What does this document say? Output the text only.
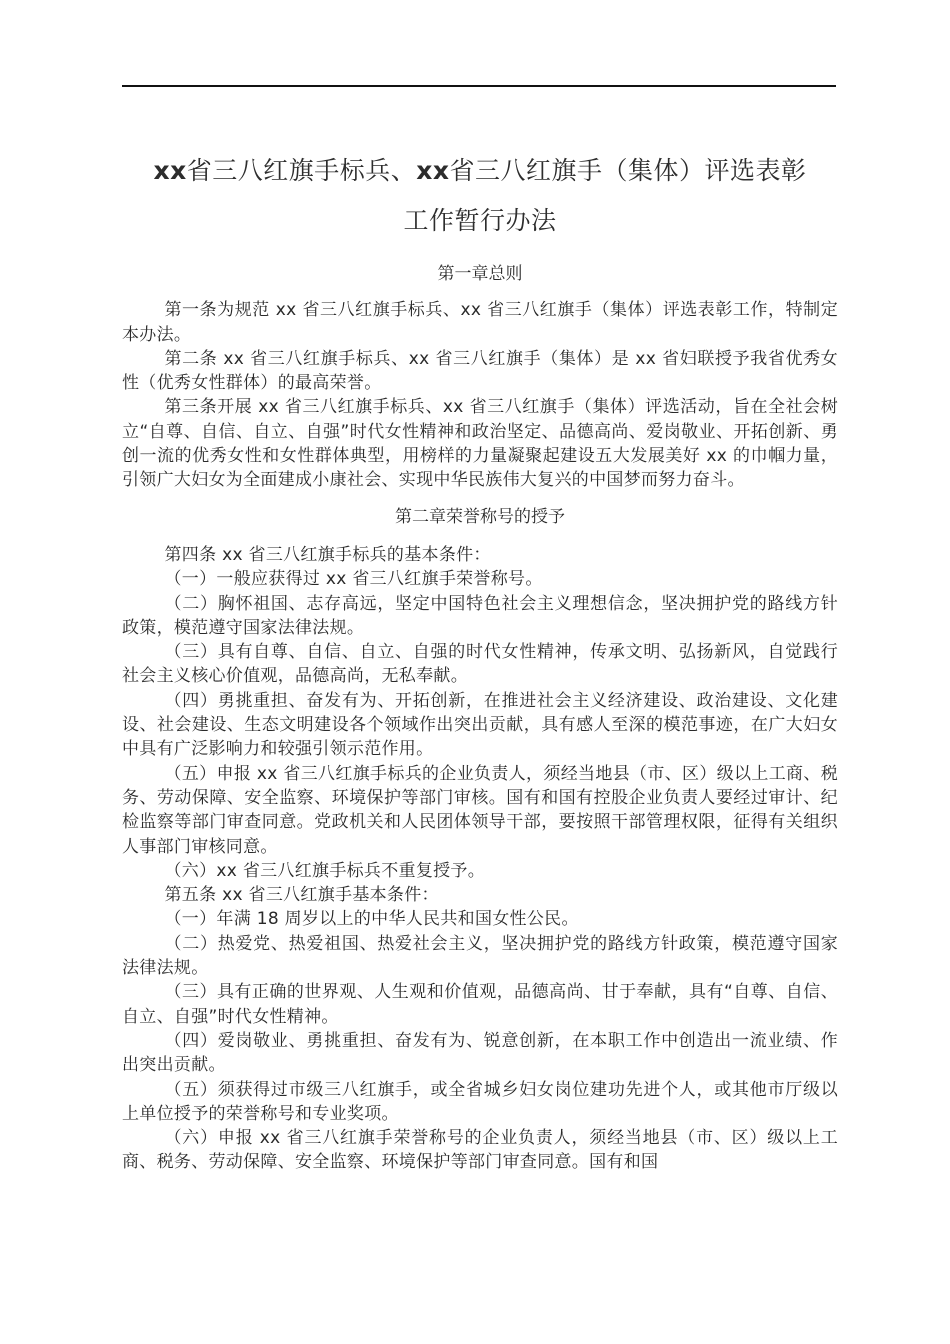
xx省三八红旗手标兵、xx省三八红旗手（集体）评选表彰
工作暂行办法
第一章总则

第一条为规范 xx 省三八红旗手标兵、xx 省三八红旗手（集体）评选表彰工作，特制定本办法。

第二条 xx 省三八红旗手标兵、xx 省三八红旗手（集体）是 xx 省妇联授予我省优秀女性（优秀女性群体）的最高荣誉。

第三条开展 xx 省三八红旗手标兵、xx 省三八红旗手（集体）评选活动，旨在全社会树立“自尊、自信、自立、自强”时代女性精神和政治坚定、品德高尚、爱岗敬业、开拓创新、勇创一流的优秀女性和女性群体典型，用榜样的力量凝聚起建设五大发展美好 xx 的巾帼力量，引领广大妇女为全面建成小康社会、实现中华民族伟大复兴的中国梦而努力奋斗。

第二章荣誉称号的授予

第四条 xx 省三八红旗手标兵的基本条件：

（一）一般应获得过 xx 省三八红旗手荣誉称号。

（二）胸怀祖国、志存高远，坚定中国特色社会主义理想信念，坚决拥护党的路线方针政策，模范遵守国家法律法规。

（三）具有自尊、自信、自立、自强的时代女性精神，传承文明、弘扬新风，自觉践行社会主义核心价值观，品德高尚，无私奉献。

（四）勇挑重担、奋发有为、开拓创新，在推进社会主义经济建设、政治建设、文化建设、社会建设、生态文明建设各个领域作出突出贡献，具有感人至深的模范事迹，在广大妇女中具有广泛影响力和较强引领示范作用。

（五）申报 xx 省三八红旗手标兵的企业负责人，须经当地县（市、区）级以上工商、税务、劳动保障、安全监察、环境保护等部门审核。国有和国有控股企业负责人要经过审计、纪检监察等部门审查同意。党政机关和人民团体领导干部，要按照干部管理权限，征得有关组织人事部门审核同意。

（六）xx 省三八红旗手标兵不重复授予。

第五条 xx 省三八红旗手基本条件：

（一）年满 18 周岁以上的中华人民共和国女性公民。

（二）热爱党、热爱祖国、热爱社会主义，坚决拥护党的路线方针政策，模范遵守国家法律法规。

（三）具有正确的世界观、人生观和价值观，品德高尚、甘于奉献，具有“自尊、自信、自立、自强”时代女性精神。

（四）爱岗敬业、勇挑重担、奋发有为、锐意创新，在本职工作中创造出一流业绩、作出突出贡献。

（五）须获得过市级三八红旗手，或全省城乡妇女岗位建功先进个人，或其他市厅级以上单位授予的荣誉称号和专业奖项。

（六）申报 xx 省三八红旗手荣誉称号的企业负责人，须经当地县（市、区）级以上工商、税务、劳动保障、安全监察、环境保护等部门审查同意。国有和国
